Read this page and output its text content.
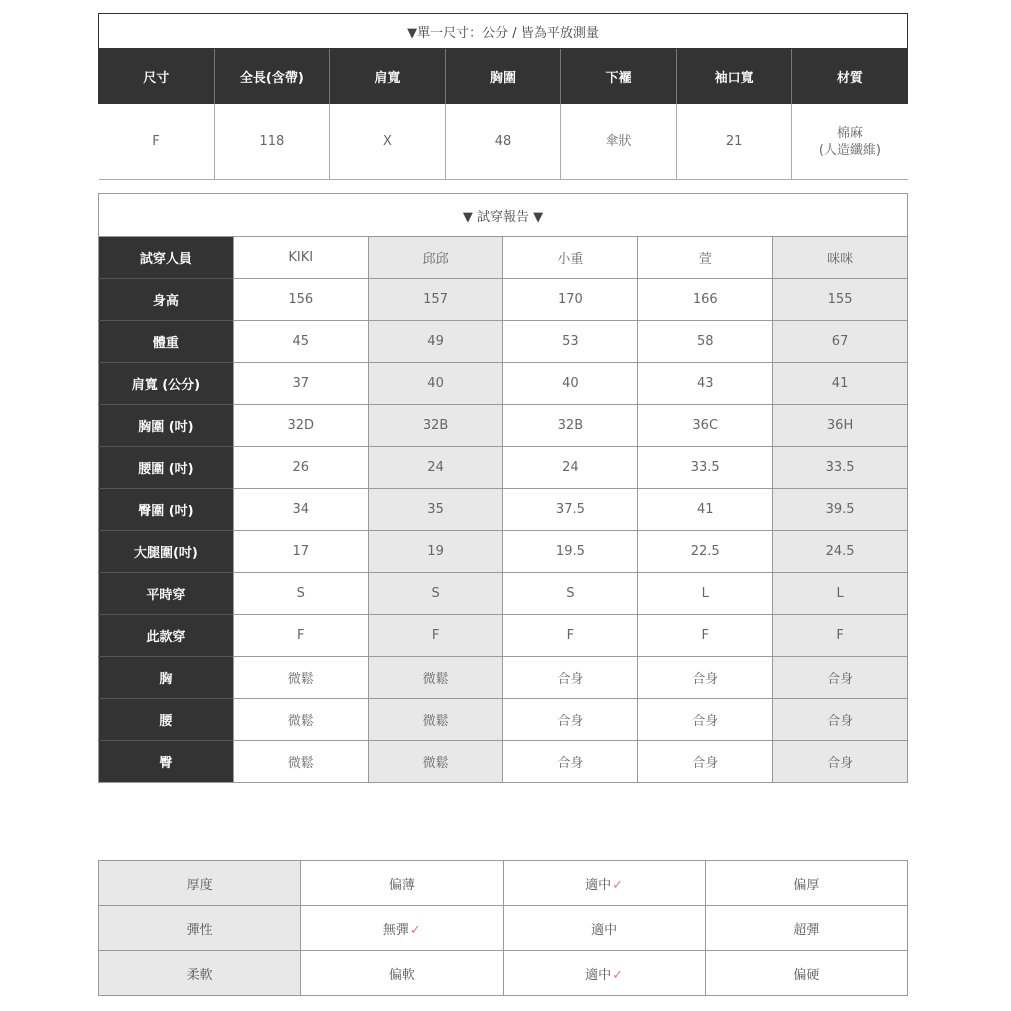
▼單一尺寸：公分 / 皆為平放測量						
尺寸	全長(含帶)	肩寬	胸圍	下襬	袖口寬	材質
F	118	X	48	傘狀	21	棉麻
(人造纖維)
▼ 試穿報告 ▼					
試穿人員	KIKI	邱邱	小重	萱	咪咪
身高	156	157	170	166	155
體重	45	49	53	58	67
肩寬 (公分)	37	40	40	43	41
胸圍 (吋)	32D	32B	32B	36C	36H
腰圍 (吋)	26	24	24	33.5	33.5
臀圍 (吋)	34	35	37.5	41	39.5
大腿圍(吋)	17	19	19.5	22.5	24.5
平時穿	S	S	S	L	L
此款穿	F	F	F	F	F
胸	微鬆	微鬆	合身	合身	合身
腰	微鬆	微鬆	合身	合身	合身
臀	微鬆	微鬆	合身	合身	合身
厚度	偏薄	適中✓	偏厚
彈性	無彈✓	適中	超彈
柔軟	偏軟	適中✓	偏硬
